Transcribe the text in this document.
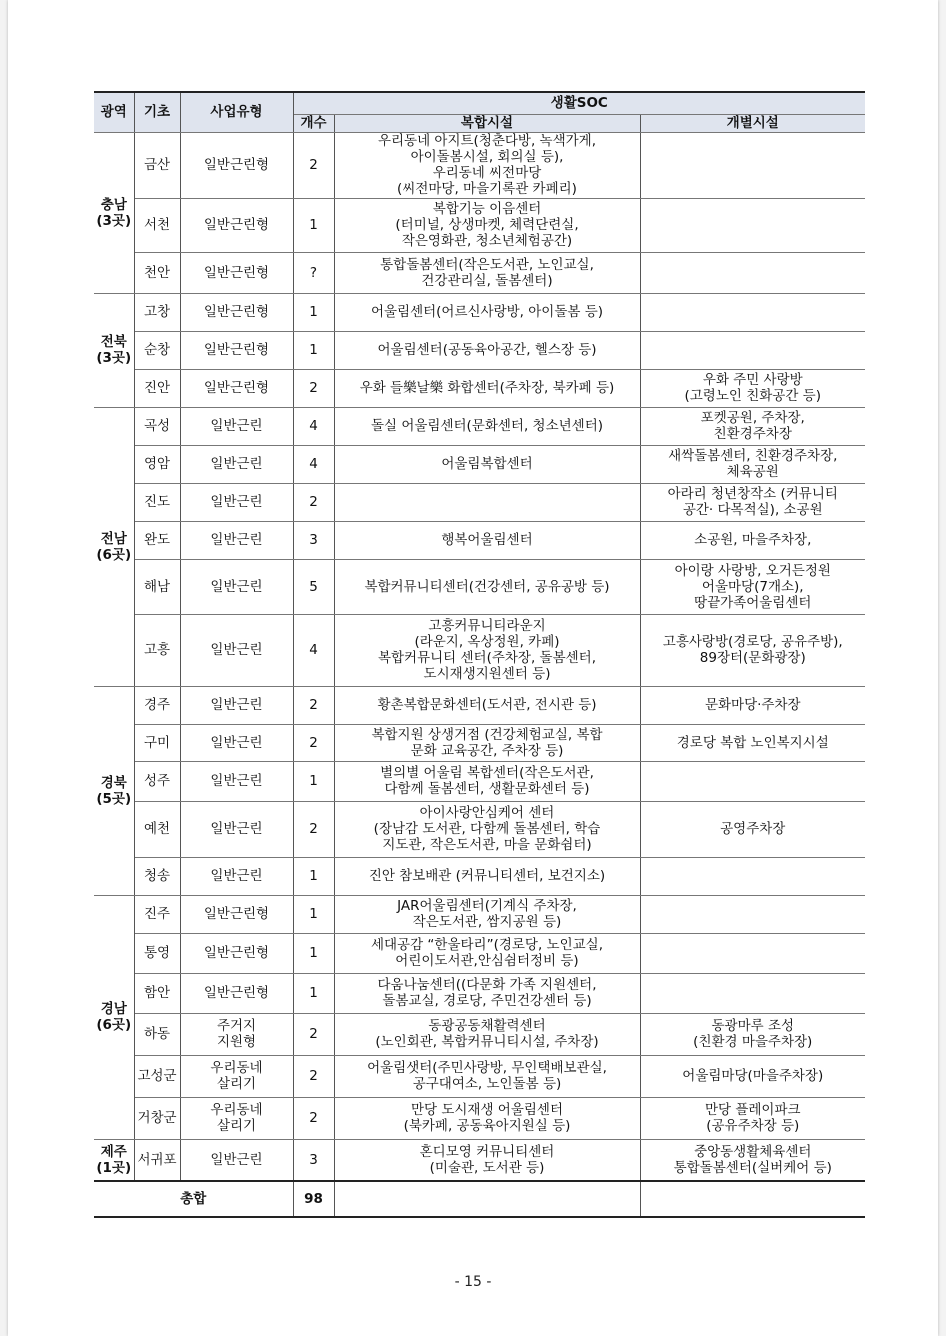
광역	기초	사업유형	생활SOC		
			개수	복합시설	개별시설
충남
(3곳)	금산	일반근린형	2	우리동네 아지트(청춘다방, 녹색가게,
아이돌봄시설, 회의실 등),
우리동네 씨전마당
(씨전마당, 마을기록관 카페리)	
	서천	일반근린형	1	복합기능 이음센터
(터미널, 상생마켓, 체력단련실,
작은영화관, 청소년체험공간)	
	천안	일반근린형	?	통합돌봄센터(작은도서관, 노인교실,
건강관리실, 돌봄센터)	
전북
(3곳)	고창	일반근린형	1	어울림센터(어르신사랑방, 아이돌봄 등)	
	순창	일반근린형	1	어울림센터(공동육아공간, 헬스장 등)	
	진안	일반근린형	2	우화 들樂날樂 화합센터(주차장, 북카페 등)	우화 주민 사랑방
(고령노인 친화공간 등)
전남
(6곳)	곡성	일반근린	4	돌실 어울림센터(문화센터, 청소년센터)	포켓공원, 주차장,
친환경주차장
	영암	일반근린	4	어울림복합센터	새싹돌봄센터, 친환경주차장,
체육공원
	진도	일반근린	2		아라리 청년창작소 (커뮤니티
공간· 다목적실), 소공원
	완도	일반근린	3	행복어울림센터	소공원, 마을주차장,
	해남	일반근린	5	복합커뮤니티센터(건강센터, 공유공방 등)	아이랑 사랑방, 오거든정원
어울마당(7개소),
땅끝가족어울림센터
	고흥	일반근린	4	고흥커뮤니티라운지
(라운지, 옥상정원, 카페)
복합커뮤니티 센터(주차장, 돌봄센터,
도시재생지원센터 등)	고흥사랑방(경로당, 공유주방),
89장터(문화광장)
경북
(5곳)	경주	일반근린	2	황촌복합문화센터(도서관, 전시관 등)	문화마당·주차장
	구미	일반근린	2	복합지원 상생거점 (건강체험교실, 복합
문화 교육공간, 주차장 등)	경로당 복합 노인복지시설
	성주	일반근린	1	별의별 어울림 복합센터(작은도서관,
다함께 돌봄센터, 생활문화센터 등)	
	예천	일반근린	2	아이사랑안심케어 센터
(장남감 도서관, 다함께 돌봄센터, 학습
지도관, 작은도서관, 마을 문화쉼터)	공영주차장
	청송	일반근린	1	진안 참보배관 (커뮤니티센터, 보건지소)	
경남
(6곳)	진주	일반근린형	1	JAR어울림센터(기계식 주차장,
작은도서관, 쌈지공원 등)	
	통영	일반근린형	1	세대공감 “한울타리”(경로당, 노인교실,
어린이도서관,안심쉼터정비 등)	
	함안	일반근린형	1	다움나눔센터((다문화 가족 지원센터,
돌봄교실, 경로당, 주민건강센터 등)	
	하동	주거지
지원형	2	동광공동채활력센터
(노인회관, 복합커뮤니티시설, 주차장)	동광마루 조성
(친환경 마을주차장)
	고성군	우리동네
살리기	2	어울림샛터(주민사랑방, 무인택배보관실,
공구대여소, 노인돌봄 등)	어울림마당(마을주차장)
	거창군	우리동네
살리기	2	만당 도시재생 어울림센터
(북카페, 공동육아지원실 등)	만당 플레이파크
(공유주차장 등)
제주
(1곳)	서귀포	일반근린	3	혼디모영 커뮤니티센터
(미술관, 도서관 등)	중앙동생활체육센터
통합돌봄센터(실버케어 등)
총합			98		
- 15 -
